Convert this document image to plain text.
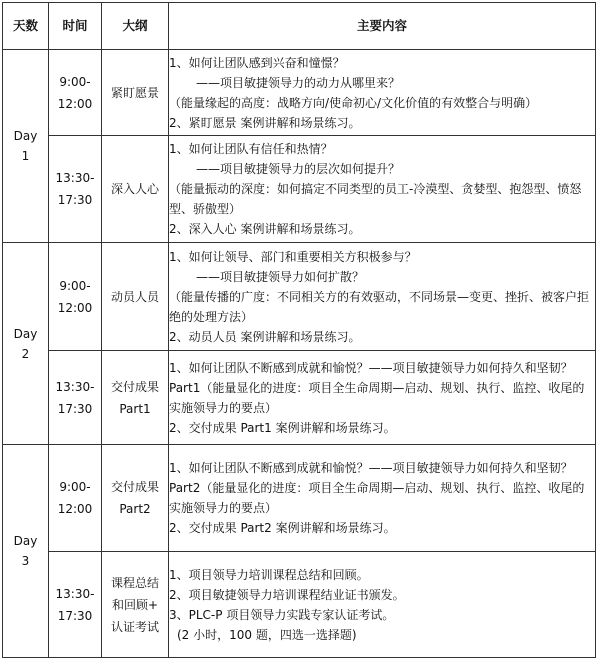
天数	时间	大纲	主要内容

Day
1	9:00-
12:00	紧盯愿景	1、如何让团队感到兴奋和憧憬？
——项目敏捷领导力的动力从哪里来？
（能量缘起的高度：战略方向/使命初心/文化价值的有效整合与明确）
2、紧盯愿景 案例讲解和场景练习。

	13:30-
17:30	深入人心	1、如何让团队有信任和热情？
——项目敏捷领导力的层次如何提升？
（能量振动的深度：如何搞定不同类型的员工-冷漠型、贪婪型、抱怨型、愤怒型、骄傲型）
2、深入人心 案例讲解和场景练习。

Day
2	9:00-
12:00	动员人员	1、如何让领导、部门和重要相关方积极参与？
——项目敏捷领导力如何扩散？
（能量传播的广度：不同相关方的有效驱动，不同场景—变更、挫折、被客户拒绝的处理方法）
2、动员人员 案例讲解和场景练习。

	13:30-
17:30	交付成果
Part1	1、如何让团队不断感到成就和愉悦？——项目敏捷领导力如何持久和坚韧？ Part1（能量显化的进度：项目全生命周期—启动、规划、执行、监控、收尾的实施领导力的要点）
2、交付成果 Part1 案例讲解和场景练习。

Day
3	9:00-
12:00	交付成果
Part2	1、如何让团队不断感到成就和愉悦？——项目敏捷领导力如何持久和坚韧？ Part2（能量显化的进度：项目全生命周期—启动、规划、执行、监控、收尾的实施领导力的要点）
2、交付成果 Part2 案例讲解和场景练习。

	13:30-
17:30	课程总结
和回顾+
认证考试	1、项目领导力培训课程总结和回顾。
2、项目敏捷领导力培训课程结业证书颁发。
3、PLC-P 项目领导力实践专家认证考试。
(2 小时，100 题，四选一选择题)
